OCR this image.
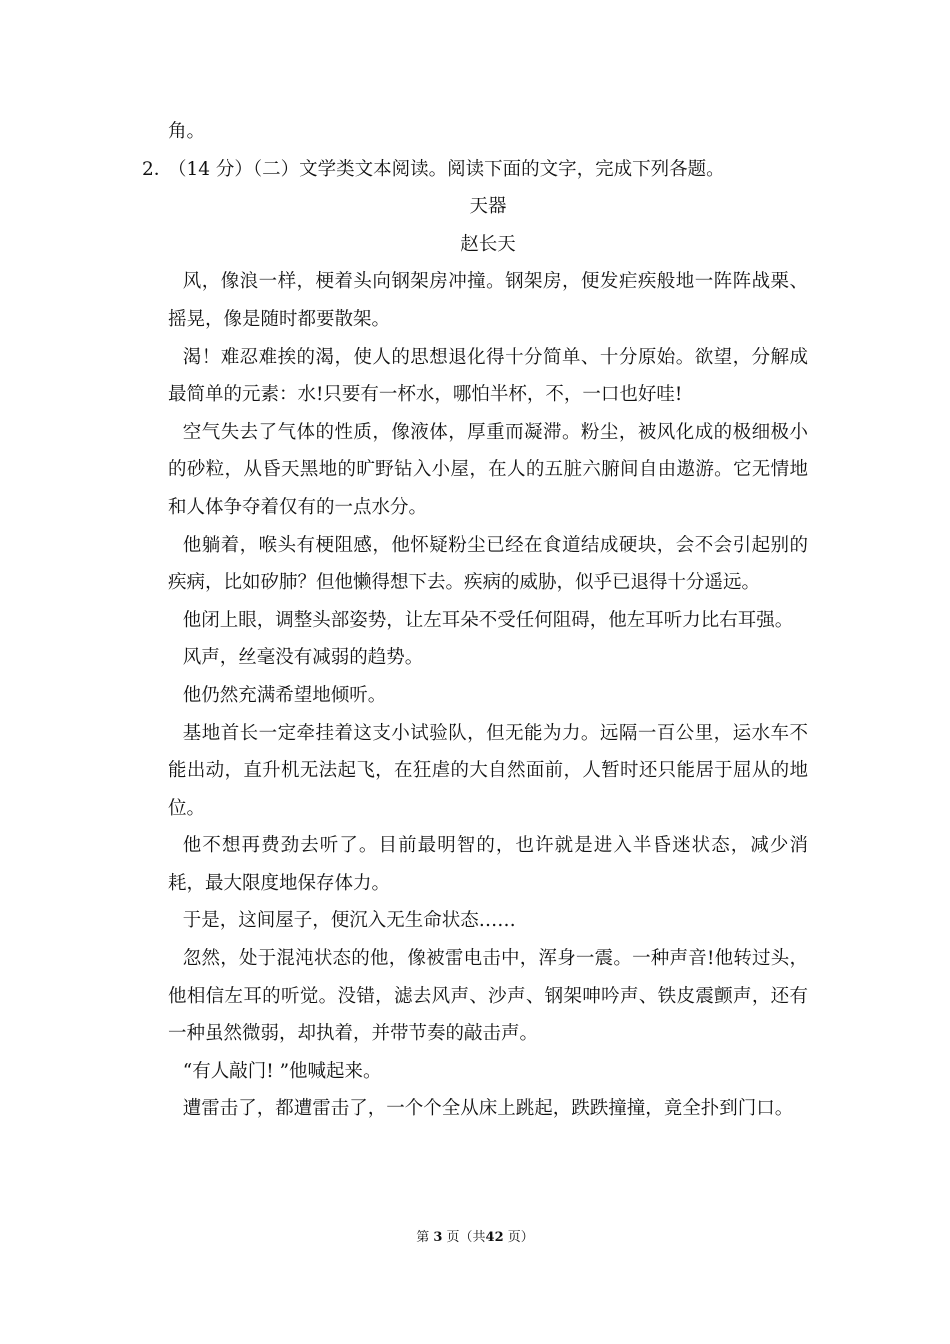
角。
2．（14 分）（二）文学类文本阅读。阅读下面的文字，完成下列各题。
天器
赵长天
风，像浪一样，梗着头向钢架房冲撞。钢架房，便发疟疾般地一阵阵战栗、摇晃，像是随时都要散架。
渴！难忍难挨的渴，使人的思想退化得十分简单、十分原始。欲望，分解成最简单的元素：水!只要有一杯水，哪怕半杯，不，一口也好哇!
空气失去了气体的性质，像液体，厚重而凝滞。粉尘，被风化成的极细极小的砂粒，从昏天黑地的旷野钻入小屋，在人的五脏六腑间自由遨游。它无情地和人体争夺着仅有的一点水分。
他躺着，喉头有梗阻感，他怀疑粉尘已经在食道结成硬块，会不会引起别的疾病，比如矽肺？但他懒得想下去。疾病的威胁，似乎已退得十分遥远。
他闭上眼，调整头部姿势，让左耳朵不受任何阻碍，他左耳听力比右耳强。
风声，丝毫没有减弱的趋势。
他仍然充满希望地倾听。
基地首长一定牵挂着这支小试验队，但无能为力。远隔一百公里，运水车不能出动，直升机无法起飞，在狂虐的大自然面前，人暂时还只能居于屈从的地位。
他不想再费劲去听了。目前最明智的，也许就是进入半昏迷状态，减少消耗，最大限度地保存体力。
于是，这间屋子，便沉入无生命状态……
忽然，处于混沌状态的他，像被雷电击中，浑身一震。一种声音!他转过头，他相信左耳的听觉。没错，滤去风声、沙声、钢架呻吟声、铁皮震颤声，还有一种虽然微弱，却执着，并带节奏的敲击声。
“有人敲门! ”他喊起来。
遭雷击了，都遭雷击了，一个个全从床上跳起，跌跌撞撞，竟全扑到门口。
第 3 页（共42 页）
